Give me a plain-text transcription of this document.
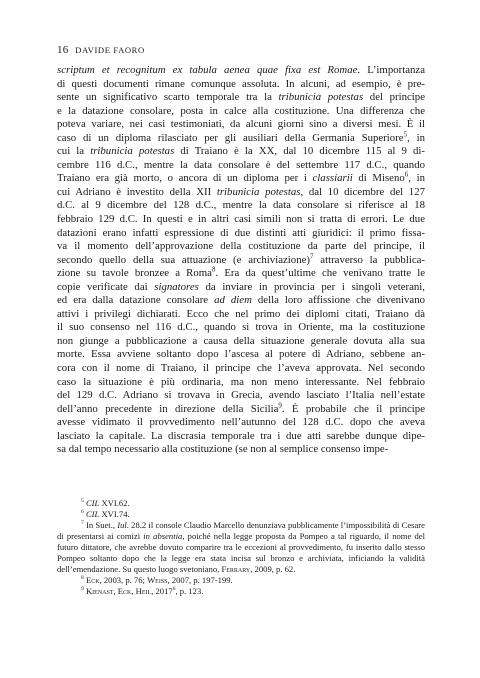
16 DAVIDE FAORO
scriptum et recognitum ex tabula aenea quae fixa est Romae. L’importanza
di questi documenti rimane comunque assoluta. In alcuni, ad esempio, è pre-
sente un significativo scarto temporale tra la tribunicia potestas del principe
e la datazione consolare, posta in calce alla costituzione. Una differenza che
poteva variare, nei casi testimoniati, da alcuni giorni sino a diversi mesi. È il
caso di un diploma rilasciato per gli ausiliari della Germania Superiore$^5$, in
cui la tribunicia potestas di Traiano è la XX, dal 10 dicembre 115 al 9 di-
cembre 116 d.C., mentre la data consolare è del settembre 117 d.C., quando
Traiano era già morto, o ancora di un diploma per i classiarii di Miseno$^6$, in
cui Adriano è investito della XII tribunicia potestas, dal 10 dicembre del 127
d.C. al 9 dicembre del 128 d.C., mentre la data consolare si riferisce al 18
febbraio 129 d.C. In questi e in altri casi simili non si tratta di errori. Le due
datazioni erano infatti espressione di due distinti atti giuridici: il primo fissa-
va il momento dell’approvazione della costituzione da parte del principe, il
secondo quello della sua attuazione (e archiviazione)$^7$ attraverso la pubblica-
zione su tavole bronzee a Roma$^8$. Era da quest’ultime che venivano tratte le
copie verificate dai signatores da inviare in provincia per i singoli veterani,
ed era dalla datazione consolare ad diem della loro affissione che divenivano
attivi i privilegi dichiarati. Ecco che nel primo dei diplomi citati, Traiano dà
il suo consenso nel 116 d.C., quando si trova in Oriente, ma la costituzione
non giunge a pubblicazione a causa della situazione generale dovuta alla sua
morte. Essa avviene soltanto dopo l’ascesa al potere di Adriano, sebbene an-
cora con il nome di Traiano, il principe che l’aveva approvata. Nel secondo
caso la situazione è più ordinaria, ma non meno interessante. Nel febbraio
del 129 d.C. Adriano si trovava in Grecia, avendo lasciato l’Italia nell’estate
dell’anno precedente in direzione della Sicilia$^9$. È probabile che il principe
avesse vidimato il provvedimento nell’autunno del 128 d.C. dopo che aveva
lasciato la capitale. La discrasia temporale tra i due atti sarebbe dunque dipe-
sa dal tempo necessario alla costituzione (se non al semplice consenso impe-

$^5$ CIL XVI.62.

$^6$ CIL XVI.74.

$^7$ In Suet., Iul. 28.2 il console Claudio Marcello denunziava pubblicamente l’impossibilità di Cesare di presentarsi ai comizi in absentia, poiché nella legge proposta da Pompeo a tal riguardo, il nome del futuro dittatore, che avrebbe dovuto comparire tra le eccezioni al provvedimento, fu inserito dallo stesso Pompeo soltanto dopo che la legge era stata incisa sul bronzo e archiviata, inficiando la validità dell’emendazione. Su questo luogo svetoniano, Ferrary, 2009, p. 62.

$^8$ Eck, 2003, p. 76; Weiss, 2007, p. 197-199.

$^9$ Kienast, Eck, Heil, 2017$^6$, p. 123.
